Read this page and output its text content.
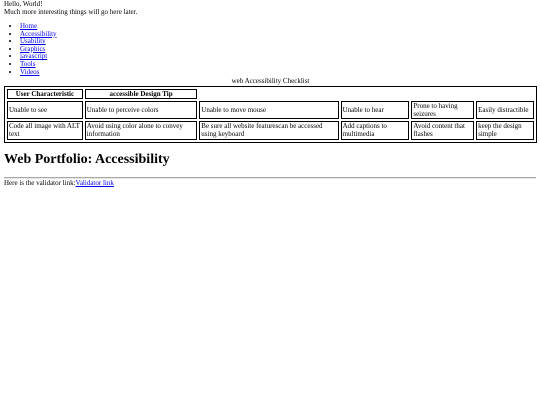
Hello, World!

Much more interesting things will go here later.

• Home
• Accessibility
• Usability
• Graphics
• javascript
• Tools
• Videos
web Accessibility Checklist
User Characteristic	accessible Design Tip				
Unable to see	Unable to perceive colors	Unable to move mouse	Unable to hear	Prone to having seizures	Easily distractible
Code all image with ALT text	Avoid using color alone to convey information	Be sure all website featurescan be accessed using keyboard	Add captions to multimedia	Avoid content that flashes	keep the design simple
Web Portfolio: Accessibility

Here is the validator link:Validator link
